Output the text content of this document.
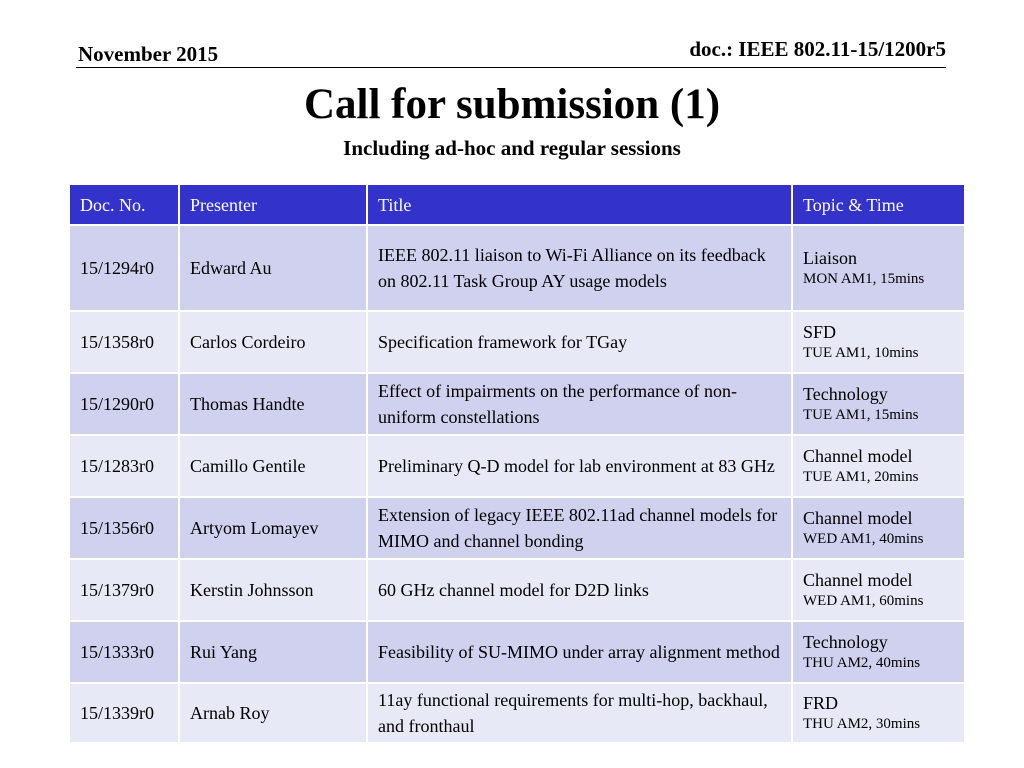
November 2015	doc.: IEEE 802.11-15/1200r5
Call for submission (1)
Including ad-hoc and regular sessions
Doc. No.	Presenter	Title	Topic & Time
15/1294r0	Edward Au	IEEE 802.11 liaison to Wi-Fi Alliance on its feedback on 802.11 Task Group AY usage models	Liaison
MON AM1, 15mins

15/1358r0	Carlos Cordeiro	Specification framework for TGay	SFD
TUE AM1, 10mins

15/1290r0	Thomas Handte	Effect of impairments on the performance of non-uniform constellations	Technology
TUE AM1, 15mins

15/1283r0	Camillo Gentile	Preliminary Q-D model for lab environment at 83 GHz	Channel model
TUE AM1, 20mins

15/1356r0	Artyom Lomayev	Extension of legacy IEEE 802.11ad channel models for MIMO and channel bonding	Channel model
WED AM1, 40mins

15/1379r0	Kerstin Johnsson	60 GHz channel model for D2D links	Channel model
WED AM1, 60mins

15/1333r0	Rui Yang	Feasibility of SU-MIMO under array alignment method	Technology
THU AM2, 40mins

15/1339r0	Arnab Roy	11ay functional requirements for multi-hop, backhaul, and fronthaul	FRD
THU AM2, 30mins
